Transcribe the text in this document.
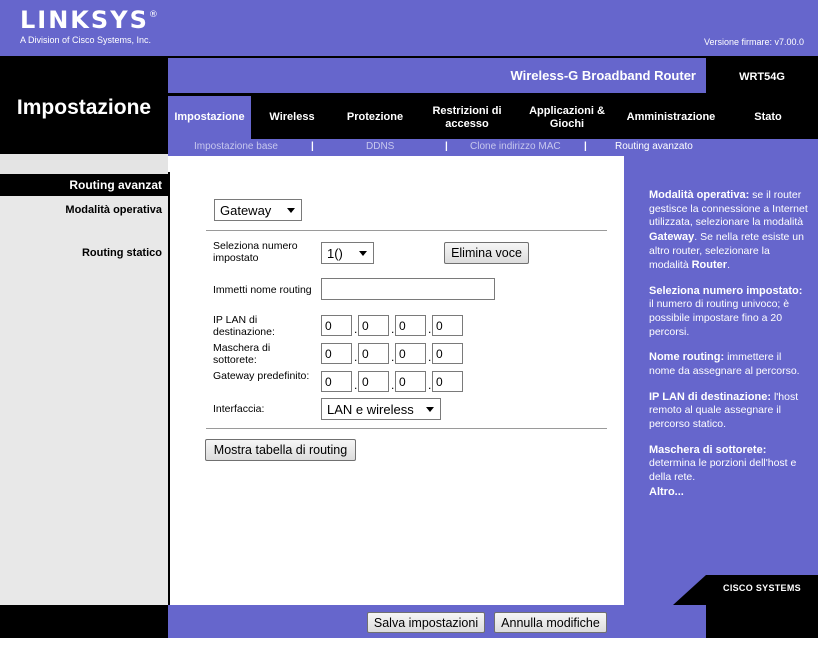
LINKSYS®
A Division of Cisco Systems, Inc.	Versione firmare: v7.00.0
Impostazione
Wireless-G Broadband Router	WRT54G
Impostazione	Wireless	Protezione
Restrizioni di accesso
Applicazioni & Giochi
Amministrazione	Stato
Impostazione base	|	DDNS	| Clone indirizzo MAC |	Routing avanzato
Routing avanzat
Modalità operativa
Routing statico
Gateway
Seleziona numero impostato	1()	Elimina voce
Immetti nome routing
IP LAN di destinazione:	0	. 0	. 0	. 0
Maschera di sottorete:	0	. 0	. 0	. 0
Gateway predefinito:	0	. 0	. 0	. 0
Interfaccia:	LAN e wireless
Mostra tabella di routing

Modalità operativa: se il router gestisce la connessione a Internet utilizzata, selezionare la modalità Gateway. Se nella rete esiste un altro router, selezionare la modalità Router.

Seleziona numero impostato: il numero di routing univoco; è possibile impostare fino a 20 percorsi.

Nome routing: immettere il nome da assegnare al percorso.

IP LAN di destinazione: l'host remoto al quale assegnare il percorso statico.

Maschera di sottorete: determina le porzioni dell'host e della rete.

Altro...
CISCO SYSTEMS
Salva impostazioni	Annulla modifiche
